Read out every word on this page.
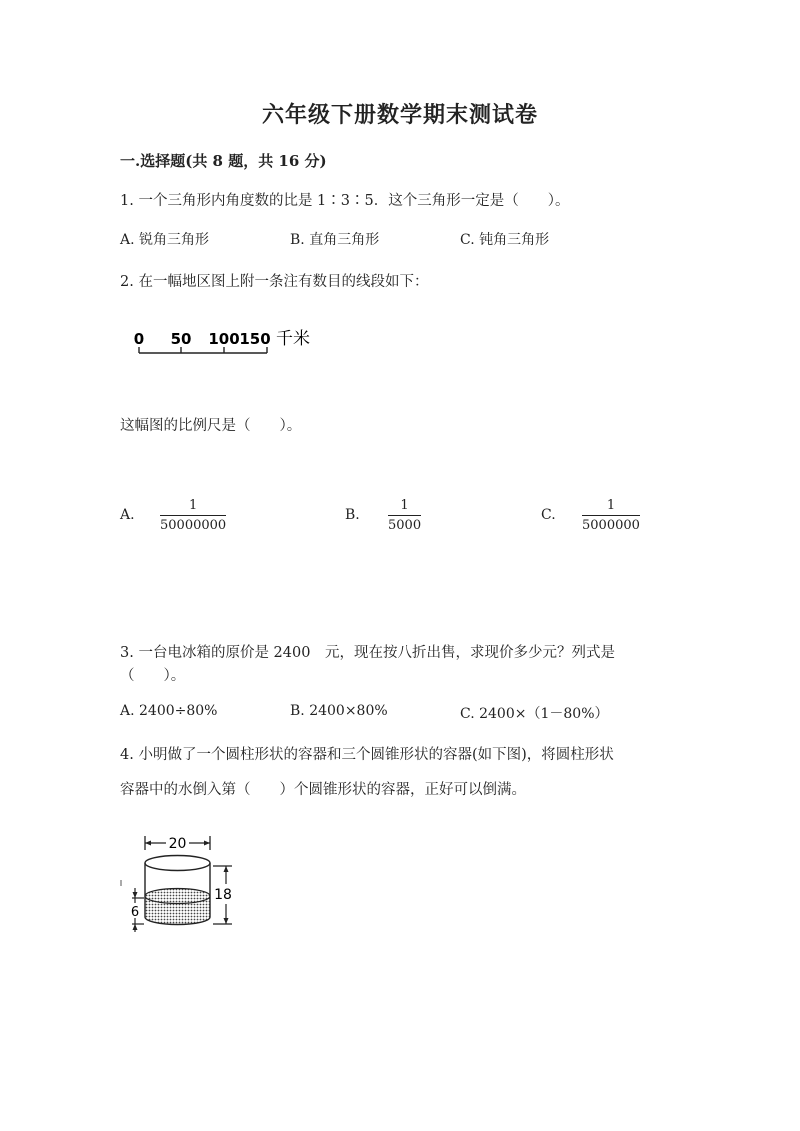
六年级下册数学期末测试卷
一.选择题(共 8 题，共 16 分)
1. 一个三角形内角度数的比是 1∶3∶5．这个三角形一定是（　　）。
A. 锐角三角形	B. 直角三角形	C. 钝角三角形
2. 在一幅地区图上附一条注有数目的线段如下：
0 50 100 150 千米
这幅图的比例尺是（　　）。
A.
1
50000000
B.
1
5000
C.
1
5000000
3. 一台电冰箱的原价是 2400　元，现在按八折出售，求现价多少元？列式是
（　　）。
A. 2400÷80%	B. 2400×80%	C. 2400×（1－80%）
4. 小明做了一个圆柱形状的容器和三个圆锥形状的容器(如下图)，将圆柱形状
容器中的水倒入第（　　）个圆锥形状的容器，正好可以倒满。
20
18
6
